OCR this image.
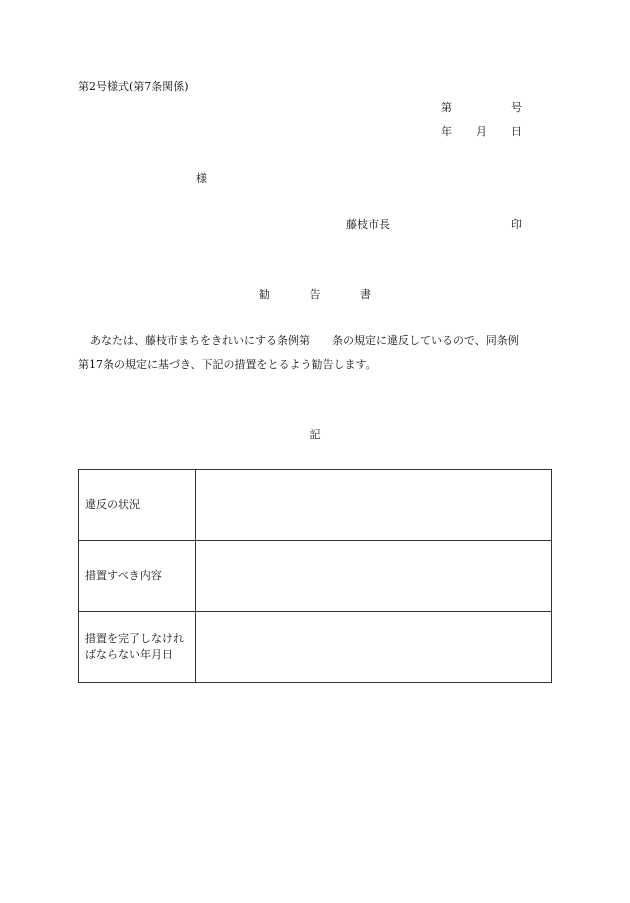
第2号様式(第7条関係)
第	号
年 月 日
様
藤枝市長	印
勧	告	書
あなたは、藤枝市まちをきれいにする条例第 条の規定に違反しているので、同条例
第17条の規定に基づき、下記の措置をとるよう勧告します。
記
違反の状況	
措置すべき内容	
措置を完了しなければならない年月日	
